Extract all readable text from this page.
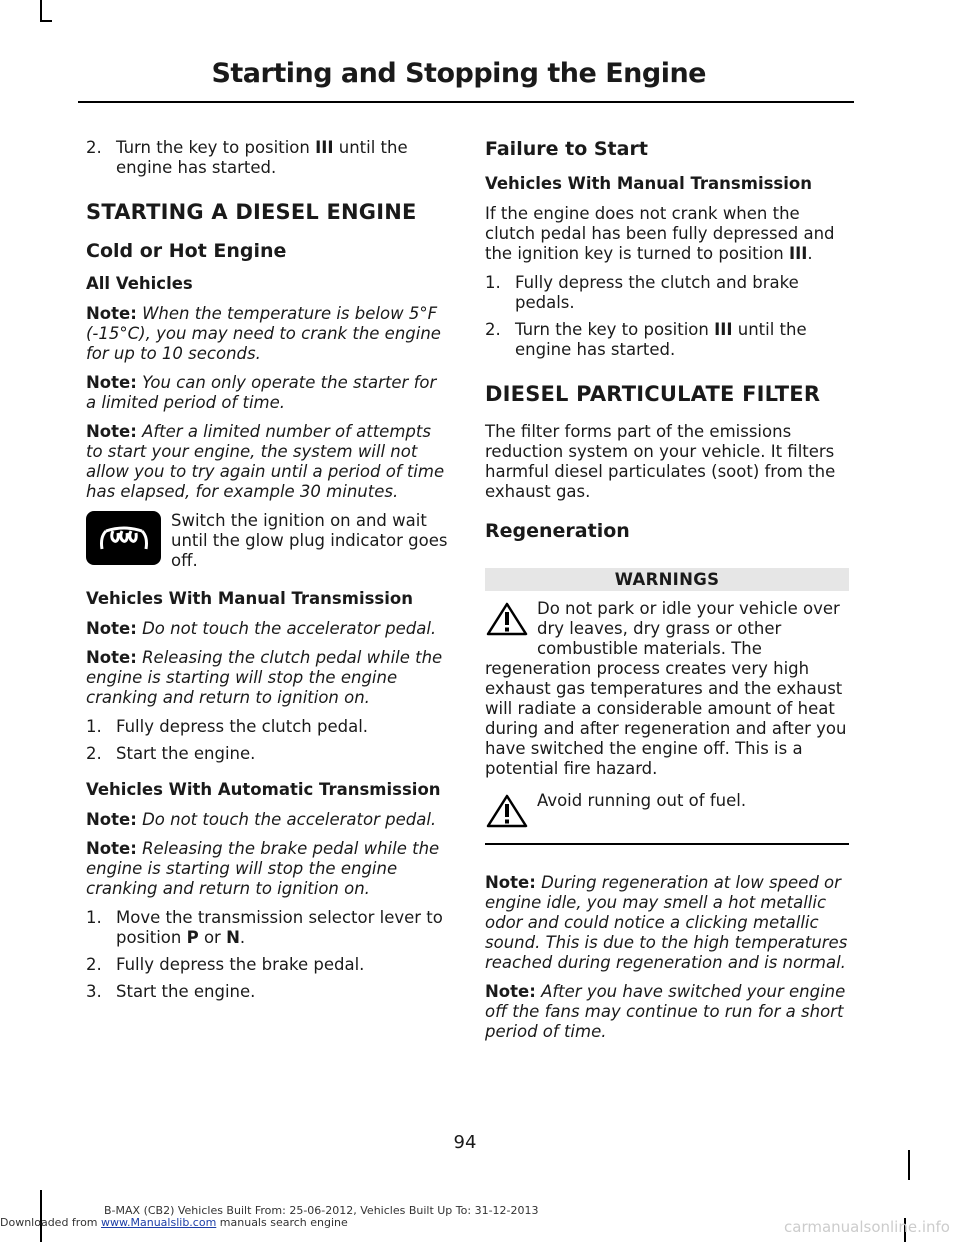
Starting and Stopping the Engine
2. Turn the key to position III until the engine has started.
STARTING A DIESEL ENGINE
Cold or Hot Engine
All Vehicles

Note: When the temperature is below 5°F (-15°C), you may need to crank the engine for up to 10 seconds.

Note: You can only operate the starter for a limited period of time.

Note: After a limited number of attempts to start your engine, the system will not allow you to try again until a period of time has elapsed, for example 30 minutes.

Switch the ignition on and wait until the glow plug indicator goes off.
Vehicles With Manual Transmission

Note: Do not touch the accelerator pedal.

Note: Releasing the clutch pedal while the engine is starting will stop the engine cranking and return to ignition on.

1. Fully depress the clutch pedal.
2. Start the engine.
Vehicles With Automatic Transmission

Note: Do not touch the accelerator pedal.

Note: Releasing the brake pedal while the engine is starting will stop the engine cranking and return to ignition on.

1. Move the transmission selector lever to position P or N.
2. Fully depress the brake pedal.
3. Start the engine.
Failure to Start
Vehicles With Manual Transmission

If the engine does not crank when the clutch pedal has been fully depressed and the ignition key is turned to position III.

1. Fully depress the clutch and brake pedals.
2. Turn the key to position III until the engine has started.
DIESEL PARTICULATE FILTER

The filter forms part of the emissions reduction system on your vehicle. It filters harmful diesel particulates (soot) from the exhaust gas.

Regeneration
WARNINGS
Do not park or idle your vehicle over dry leaves, dry grass or other combustible materials. The regeneration process creates very high exhaust gas temperatures and the exhaust will radiate a considerable amount of heat during and after regeneration and after you have switched the engine off. This is a potential fire hazard.
Avoid running out of fuel.

Note: During regeneration at low speed or engine idle, you may smell a hot metallic odor and could notice a clicking metallic sound. This is due to the high temperatures reached during regeneration and is normal.

Note: After you have switched your engine off the fans may continue to run for a short period of time.

94
Downloaded from www.Manualslib.com manuals search engine
B-MAX (CB2) Vehicles Built From: 25-06-2012, Vehicles Built Up To: 31-12-2013
carmanualsonline.info
